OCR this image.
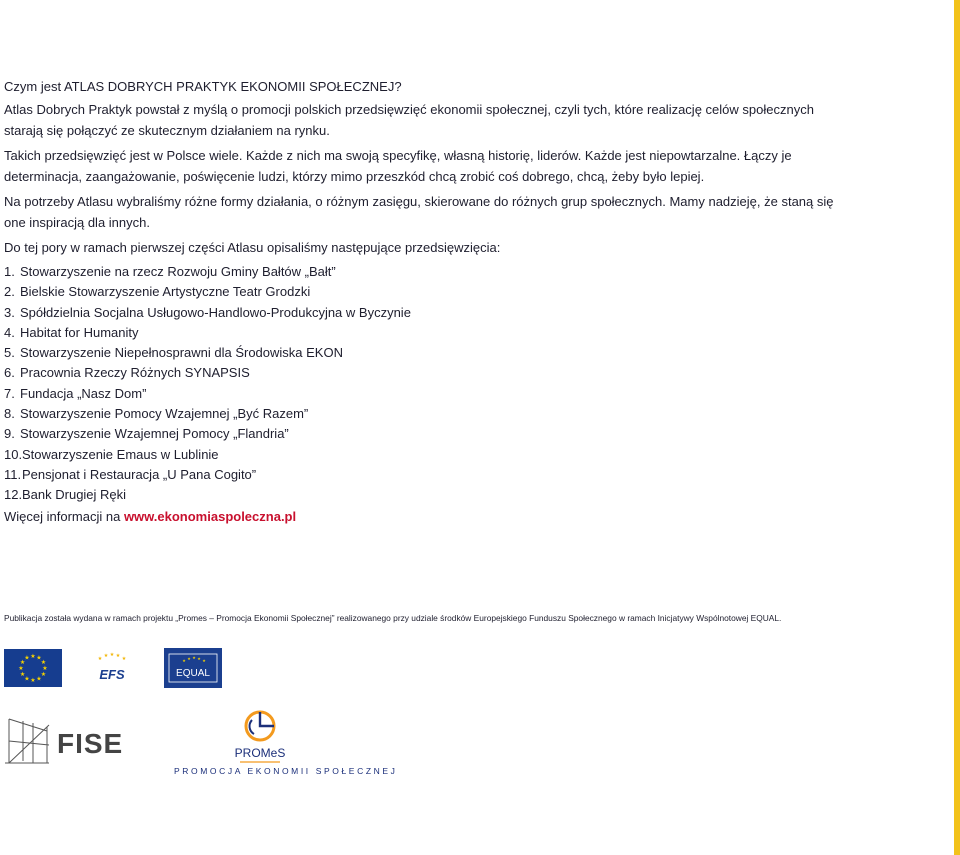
Czym jest ATLAS DOBRYCH PRAKTYK EKONOMII SPOŁECZNEJ?

Atlas Dobrych Praktyk powstał z myślą o promocji polskich przedsięwzięć ekonomii społecznej, czyli tych, które realizację celów społecznych starają się połączyć ze skutecznym działaniem na rynku.

Takich przedsięwzięć jest w Polsce wiele. Każde z nich ma swoją specyfikę, własną historię, liderów. Każde jest niepowtarzalne. Łączy je determinacja, zaangażowanie, poświęcenie ludzi, którzy mimo przeszkód chcą zrobić coś dobrego, chcą, żeby było lepiej.

Na potrzeby Atlasu wybraliśmy różne formy działania, o różnym zasięgu, skierowane do różnych grup społecznych. Mamy nadzieję, że staną się one inspiracją dla innych.

Do tej pory w ramach pierwszej części Atlasu opisaliśmy następujące przedsięwzięcia:

1. Stowarzyszenie na rzecz Rozwoju Gminy Bałtów „Bałt”
2. Bielskie Stowarzyszenie Artystyczne Teatr Grodzki
3. Spółdzielnia Socjalna Usługowo-Handlowo-Produkcyjna w Byczynie
4. Habitat for Humanity
5. Stowarzyszenie Niepełnosprawni dla Środowiska EKON
6. Pracownia Rzeczy Różnych SYNAPSIS
7. Fundacja „Nasz Dom”
8. Stowarzyszenie Pomocy Wzajemnej „Być Razem”
9. Stowarzyszenie Wzajemnej Pomocy „Flandria”
10. Stowarzyszenie Emaus w Lublinie
11. Pensjonat i Restauracja „U Pana Cogito”
12. Bank Drugiej Ręki

Więcej informacji na www.ekonomiaspoleczna.pl

Publikacja została wydana w ramach projektu „Promes – Promocja Ekonomii Społecznej” realizowanego przy udziale środków Europejskiego Funduszu Społecznego w ramach Inicjatywy Wspólnotowej EQUAL.
★ ★
★
★
★
★
★
★
★
★
★
★	★ ★ ★ ★ ★
EFS
★ ★ ★ ★ ★
EQUAL
FISE	PROMeS
PROMOCJA EKONOMII SPOŁECZNEJ
